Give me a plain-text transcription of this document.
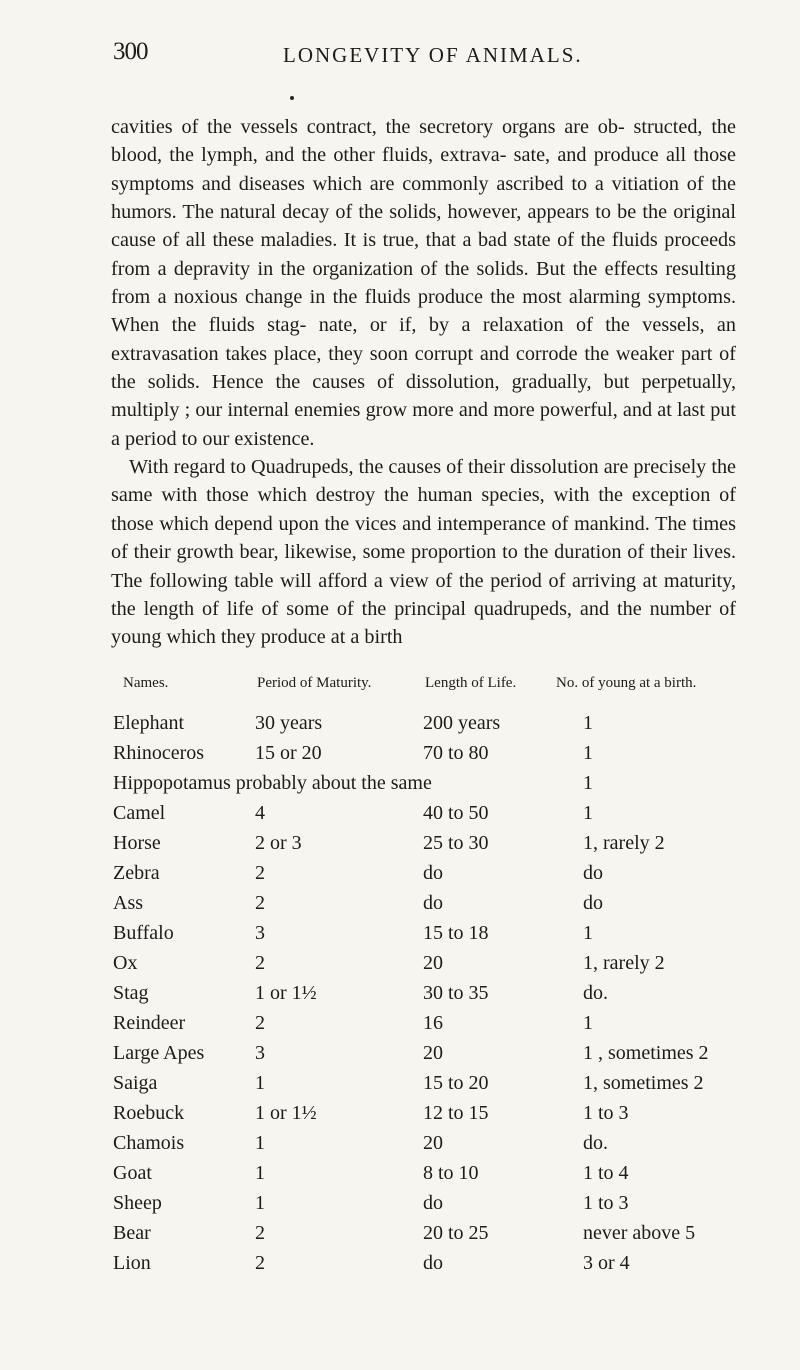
300	LONGEVITY OF ANIMALS.

cavities of the vessels contract, the secretory organs are ob- structed, the blood, the lymph, and the other fluids, extrava- sate, and produce all those symptoms and diseases which are commonly ascribed to a vitiation of the humors. The natural decay of the solids, however, appears to be the original cause of all these maladies. It is true, that a bad state of the fluids proceeds from a depravity in the organization of the solids. But the effects resulting from a noxious change in the fluids produce the most alarming symptoms. When the fluids stag- nate, or if, by a relaxation of the vessels, an extravasation takes place, they soon corrupt and corrode the weaker part of the solids. Hence the causes of dissolution, gradually, but perpetually, multiply ; our internal enemies grow more and more powerful, and at last put a period to our existence.

With regard to Quadrupeds, the causes of their dissolution are precisely the same with those which destroy the human species, with the exception of those which depend upon the vices and intemperance of mankind. The times of their growth bear, likewise, some proportion to the duration of their lives. The following table will afford a view of the period of arriving at maturity, the length of life of some of the principal quadrupeds, and the number of young which they produce at a birth

Names.	Period of Maturity.	Length of Life.	No. of young at a birth.
Elephant	30 years	200 years	1
Rhinoceros	15 or 20	70 to 80	1
Hippopotamus probably about the same	1
Camel	4	40 to 50	1
Horse	2 or 3	25 to 30	1, rarely 2
Zebra	2	do	do
Ass	2	do	do
Buffalo	3	15 to 18	1
Ox	2	20	1, rarely 2
Stag	1 or 1½	30 to 35	do.
Reindeer	2	16	1
Large Apes	3	20	1 , sometimes 2
Saiga	1	15 to 20	1, sometimes 2
Roebuck	1 or 1½	12 to 15	1 to 3
Chamois	1	20	do.
Goat	1	8 to 10	1 to 4
Sheep	1	do	1 to 3
Bear	2	20 to 25	never above 5
Lion	2	do	3 or 4
